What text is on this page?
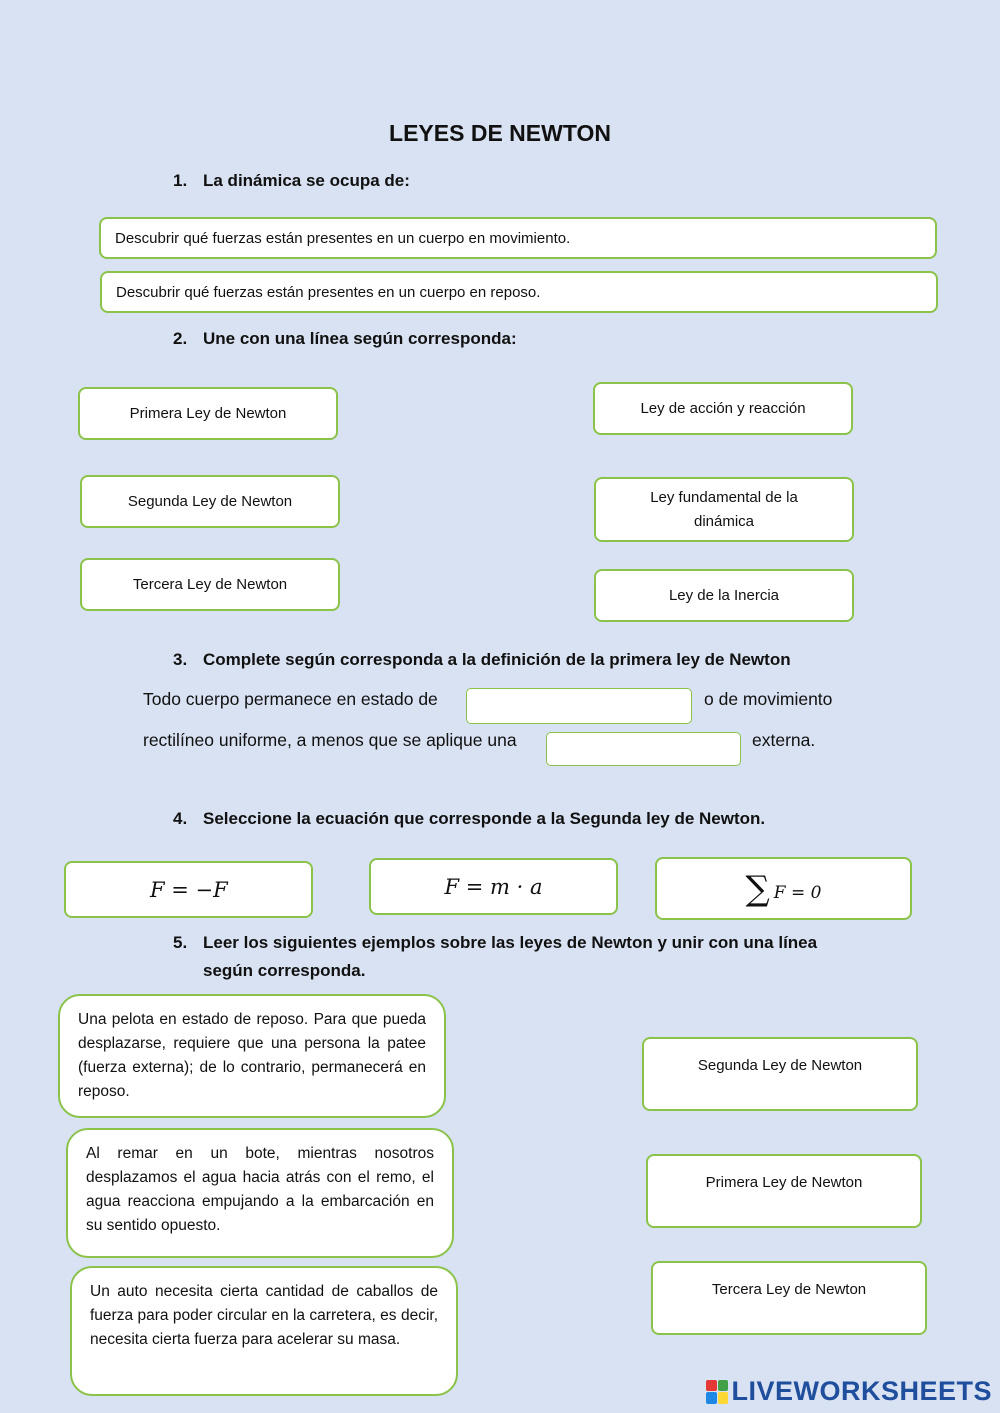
LEYES DE NEWTON
1. La dinámica se ocupa de:
Descubrir qué fuerzas están presentes en un cuerpo en movimiento.
Descubrir qué fuerzas están presentes en un cuerpo en reposo.
2. Une con una línea según corresponda:
Primera Ley de Newton
Segunda Ley de Newton
Tercera Ley de Newton
Ley de acción y reacción
Ley fundamental de la dinámica
Ley de la Inercia
3. Complete según corresponda a la definición de la primera ley de Newton
Todo cuerpo permanece en estado de	o de movimiento
rectilíneo uniforme, a menos que se aplique una	externa.
4. Seleccione la ecuación que corresponde a la Segunda ley de Newton.
F = −F	F = m · a	∑ F = 0
5. Leer los siguientes ejemplos sobre las leyes de Newton y unir con una línea
según corresponda.
Una pelota en estado de reposo. Para que pueda desplazarse, requiere que una persona la patee (fuerza externa); de lo contrario, permanecerá en reposo.
Al remar en un bote, mientras nosotros desplazamos el agua hacia atrás con el remo, el agua reacciona empujando a la embarcación en su sentido opuesto.
Un auto necesita cierta cantidad de caballos de fuerza para poder circular en la carretera, es decir, necesita cierta fuerza para acelerar su masa.
Segunda Ley de Newton
Primera Ley de Newton
Tercera Ley de Newton
LIVEWORKSHEETS
